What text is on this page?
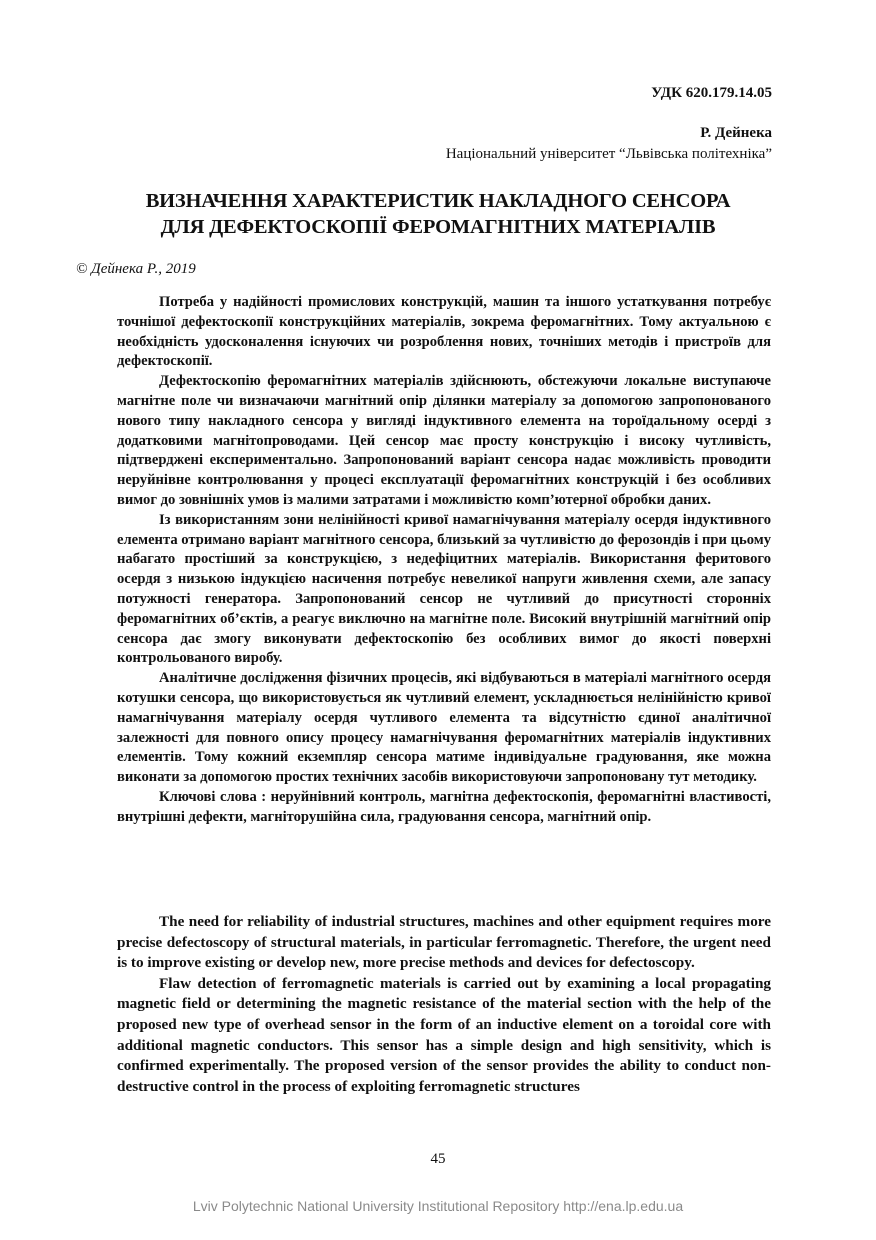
УДК 620.179.14.05
Р. Дейнека
Національний університет “Львівська політехніка”
ВИЗНАЧЕННЯ ХАРАКТЕРИСТИК НАКЛАДНОГО СЕНСОРА
ДЛЯ ДЕФЕКТОСКОПІЇ ФЕРОМАГНІТНИХ МАТЕРІАЛІВ
© Дейнека Р., 2019

Потреба у надійності промислових конструкцій, машин та іншого устаткування потребує точнішої дефектоскопії конструкційних матеріалів, зокрема феромагнітних. Тому актуальною є необхідність удосконалення існуючих чи розроблення нових, точніших методів і пристроїв для дефектоскопії.

Дефектоскопію феромагнітних матеріалів здійснюють, обстежуючи локальне виступаюче магнітне поле чи визначаючи магнітний опір ділянки матеріалу за допомогою запропонованого нового типу накладного сенсора у вигляді індуктивного елемента на тороїдальному осерді з додатковими магнітопроводами. Цей сенсор має просту конструкцію і високу чутливість, підтверджені експериментально. Запропонований варіант сенсора надає можливість проводити неруйнівне контролювання у процесі експлуатації феромагнітних конструкцій і без особливих вимог до зовнішніх умов із малими затратами і можливістю комп’ютерної обробки даних.

Із використанням зони нелінійності кривої намагнічування матеріалу осердя індуктивного елемента отримано варіант магнітного сенсора, близький за чутливістю до ферозондів і при цьому набагато простіший за конструкцією, з недефіцитних матеріалів. Використання феритового осердя з низькою індукцією насичення потребує невеликої напруги живлення схеми, але запасу потужності генератора. Запропонований сенсор не чутливий до присутності сторонніх феромагнітних об’єктів, а реагує виключно на магнітне поле. Високий внутрішній магнітний опір сенсора дає змогу виконувати дефектоскопію без особливих вимог до якості поверхні контрольованого виробу.

Аналітичне дослідження фізичних процесів, які відбуваються в матеріалі магнітного осердя котушки сенсора, що використовується як чутливий елемент, ускладнюється нелінійністю кривої намагнічування матеріалу осердя чутливого елемента та відсутністю єдиної аналітичної залежності для повного опису процесу намагнічування феромагнітних матеріалів індуктивних елементів. Тому кожний екземпляр сенсора матиме індивідуальне градуювання, яке можна виконати за допомогою простих технічних засобів використовуючи запропоновану тут методику.

Ключові слова : неруйнівний контроль, магнітна дефектоскопія, феромагнітні властивості, внутрішні дефекти, магніторушійна сила, градуювання сенсора, магнітний опір.

The need for reliability of industrial structures, machines and other equipment requires more precise defectoscopy of structural materials, in particular ferromagnetic. Therefore, the urgent need is to improve existing or develop new, more precise methods and devices for defectoscopy.

Flaw detection of ferromagnetic materials is carried out by examining a local propagating magnetic field or determining the magnetic resistance of the material section with the help of the proposed new type of overhead sensor in the form of an inductive element on a toroidal core with additional magnetic conductors. This sensor has a simple design and high sensitivity, which is confirmed experimentally. The proposed version of the sensor provides the ability to conduct non-destructive control in the process of exploiting ferromagnetic structures

45
Lviv Polytechnic National University Institutional Repository http://ena.lp.edu.ua
